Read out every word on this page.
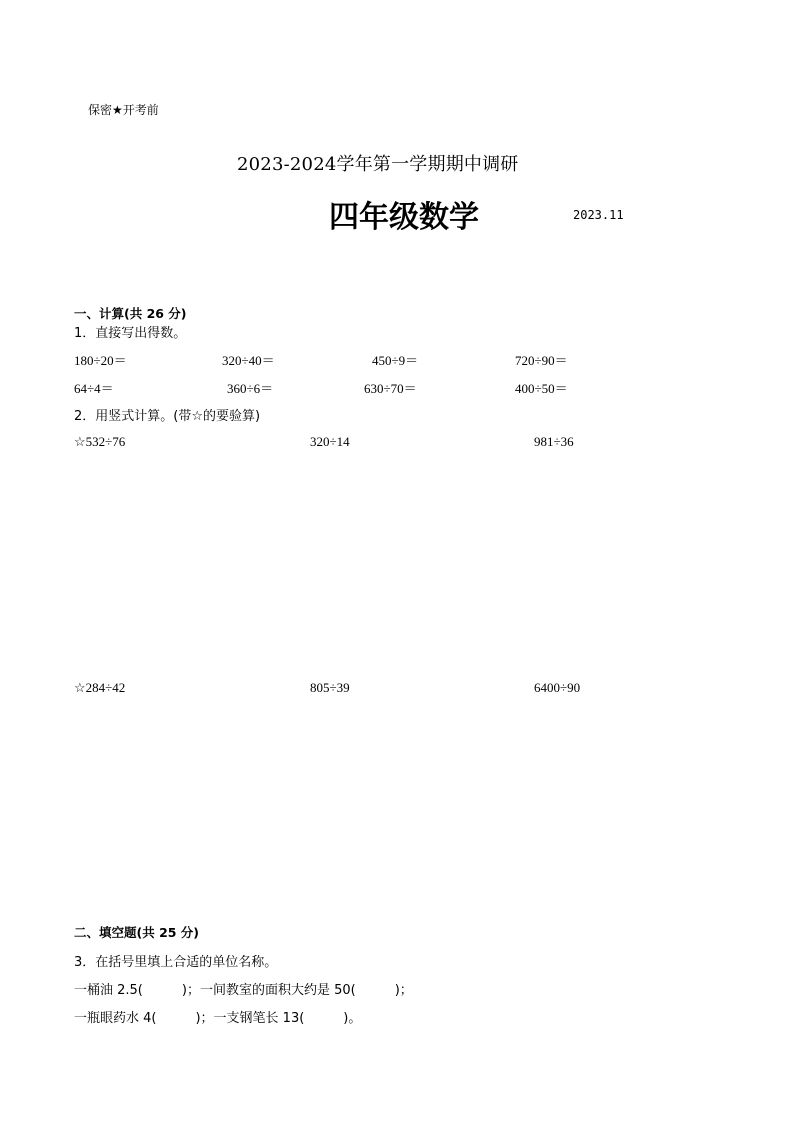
保密★开考前
2023-2024学年第一学期期中调研
四年级数学	2023.11
一、计算(共 26 分)
1．直接写出得数。
180÷20＝	320÷40＝	450÷9＝	720÷90＝
64÷4＝	360÷6＝	630÷70＝	400÷50＝
2．用竖式计算。(带☆的要验算)
☆532÷76	320÷14	981÷36
☆284÷42	805÷39	6400÷90
二、填空题(共 25 分)
3．在括号里填上合适的单位名称。
一桶油 2.5(　　　)；一间教室的面积大约是 50(　　　)；
一瓶眼药水 4(　　　)；一支钢笔长 13(　　　)。
